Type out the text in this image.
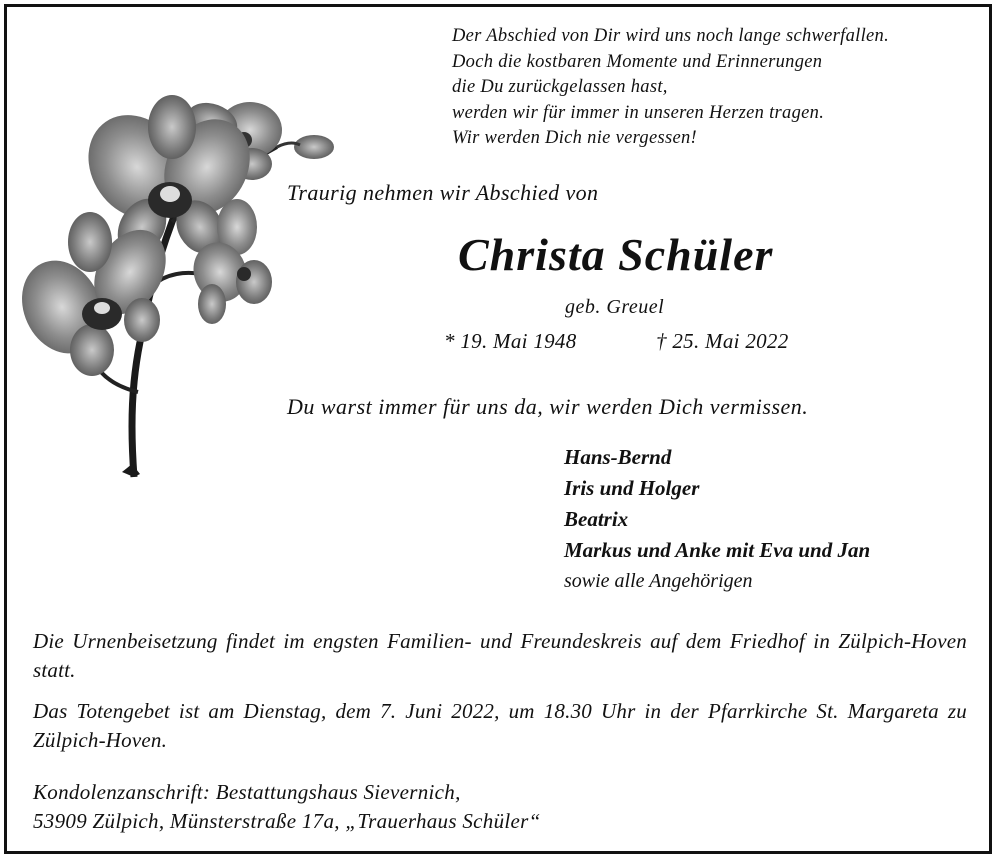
Der Abschied von Dir wird uns noch lange schwerfallen.
Doch die kostbaren Momente und Erinnerungen
die Du zurückgelassen hast,
werden wir für immer in unseren Herzen tragen.
Wir werden Dich nie vergessen!
Traurig nehmen wir Abschied von
Christa Schüler
geb. Greuel
* 19. Mai 1948	† 25. Mai 2022
Du warst immer für uns da, wir werden Dich vermissen.
Hans-Bernd
Iris und Holger
Beatrix
Markus und Anke mit Eva und Jan
sowie alle Angehörigen
Die Urnenbeisetzung findet im engsten Familien- und Freundeskreis auf dem Friedhof in Zülpich-Hoven statt.
Das Totengebet ist am Dienstag, dem 7. Juni 2022, um 18.30 Uhr in der Pfarrkirche St. Margareta zu Zülpich-Hoven.
Kondolenzanschrift: Bestattungshaus Sievernich,
53909 Zülpich, Münsterstraße 17a, „Trauerhaus Schüler“
